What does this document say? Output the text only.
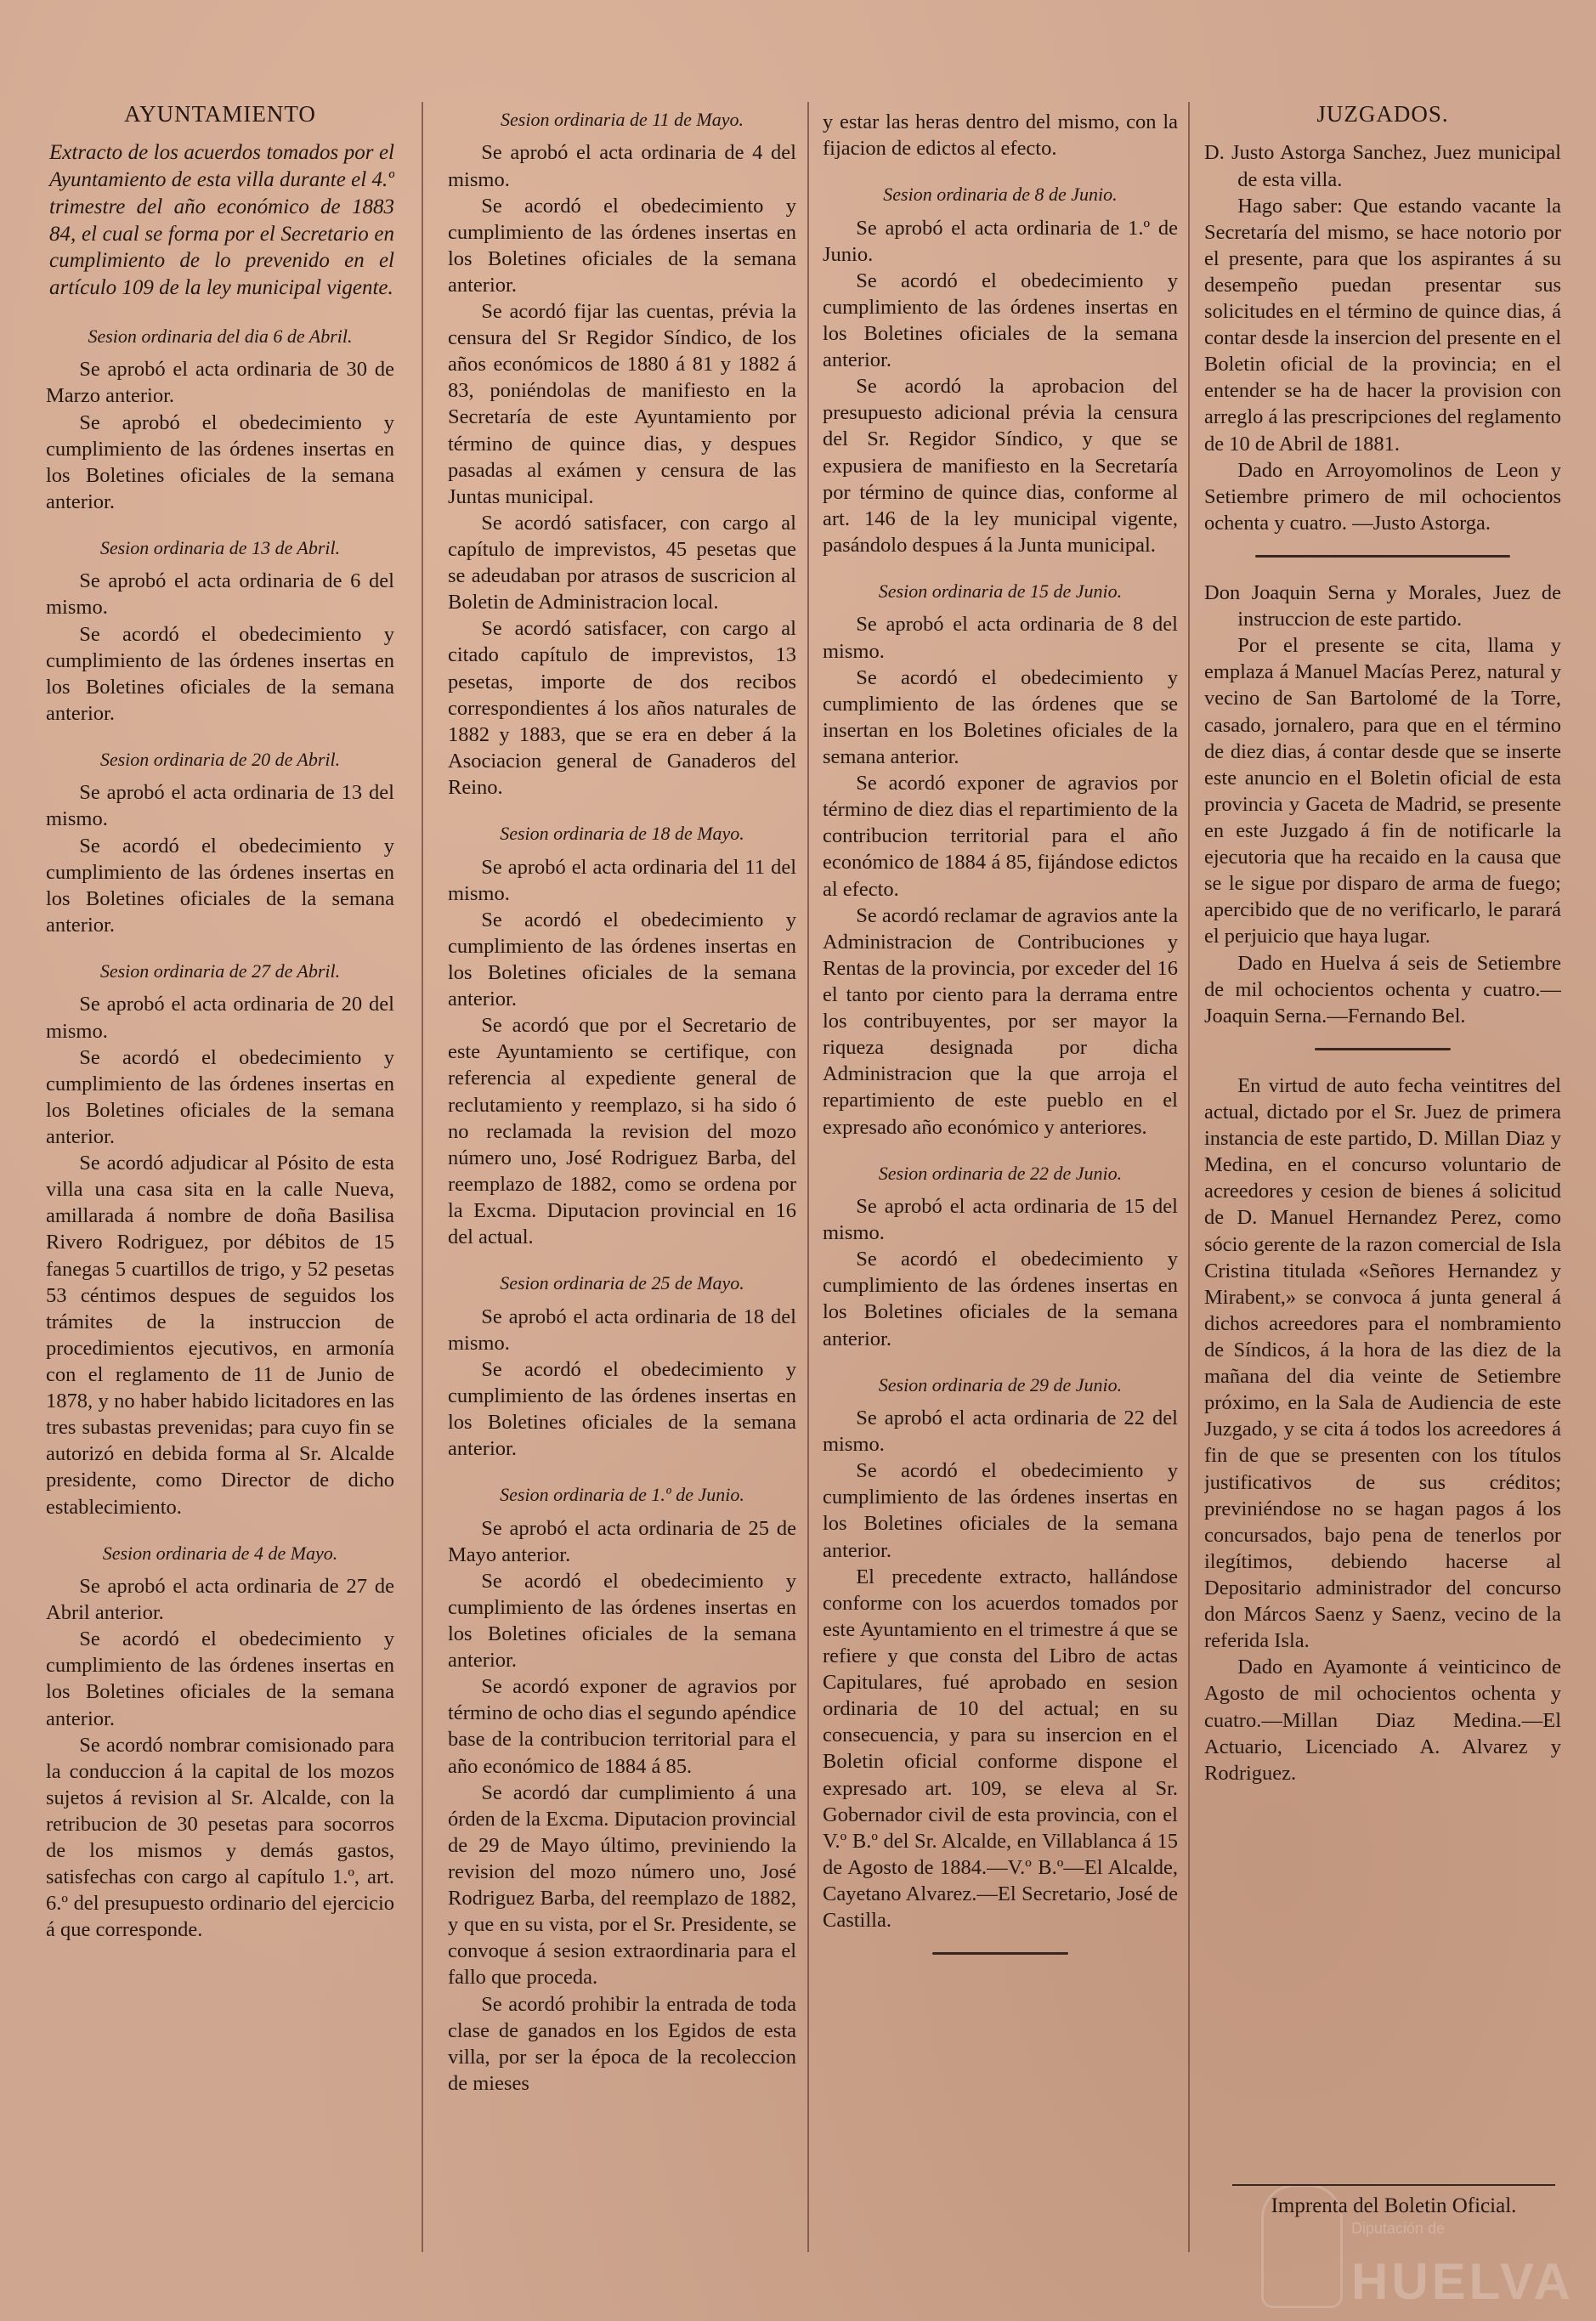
AYUNTAMIENTO
Extracto de los acuerdos tomados por el Ayuntamiento de esta villa durante el 4.º trimestre del año económico de 1883 84, el cual se forma por el Secretario en cumplimiento de lo prevenido en el artículo 109 de la ley municipal vigente.
Sesion ordinaria del dia 6 de Abril.

Se aprobó el acta ordinaria de 30 de Marzo anterior.

Se aprobó el obedecimiento y cumplimiento de las órdenes insertas en los Boletines oficiales de la semana anterior.

Sesion ordinaria de 13 de Abril.

Se aprobó el acta ordinaria de 6 del mismo.

Se acordó el obedecimiento y cumplimiento de las órdenes insertas en los Boletines oficiales de la semana anterior.

Sesion ordinaria de 20 de Abril.

Se aprobó el acta ordinaria de 13 del mismo.

Se acordó el obedecimiento y cumplimiento de las órdenes insertas en los Boletines oficiales de la semana anterior.

Sesion ordinaria de 27 de Abril.

Se aprobó el acta ordinaria de 20 del mismo.

Se acordó el obedecimiento y cumplimiento de las órdenes insertas en los Boletines oficiales de la semana anterior.

Se acordó adjudicar al Pósito de esta villa una casa sita en la calle Nueva, amillarada á nombre de doña Basilisa Rivero Rodriguez, por débitos de 15 fanegas 5 cuartillos de trigo, y 52 pesetas 53 céntimos despues de seguidos los trámites de la instruccion de procedimientos ejecutivos, en armonía con el reglamento de 11 de Junio de 1878, y no haber habido licitadores en las tres subastas prevenidas; para cuyo fin se autorizó en debida forma al Sr. Alcalde presidente, como Director de dicho establecimiento.

Sesion ordinaria de 4 de Mayo.

Se aprobó el acta ordinaria de 27 de Abril anterior.

Se acordó el obedecimiento y cumplimiento de las órdenes insertas en los Boletines oficiales de la semana anterior.

Se acordó nombrar comisionado para la conduccion á la capital de los mozos sujetos á revision al Sr. Alcalde, con la retribucion de 30 pesetas para socorros de los mismos y demás gastos, satisfechas con cargo al capítulo 1.º, art. 6.º del presupuesto ordinario del ejercicio á que corresponde.

Sesion ordinaria de 11 de Mayo.

Se aprobó el acta ordinaria de 4 del mismo.

Se acordó el obedecimiento y cumplimiento de las órdenes insertas en los Boletines oficiales de la semana anterior.

Se acordó fijar las cuentas, prévia la censura del Sr Regidor Síndico, de los años económicos de 1880 á 81 y 1882 á 83, poniéndolas de manifiesto en la Secretaría de este Ayuntamiento por término de quince dias, y despues pasadas al exámen y censura de las Juntas municipal.

Se acordó satisfacer, con cargo al capítulo de imprevistos, 45 pesetas que se adeudaban por atrasos de suscricion al Boletin de Administracion local.

Se acordó satisfacer, con cargo al citado capítulo de imprevistos, 13 pesetas, importe de dos recibos correspondientes á los años naturales de 1882 y 1883, que se era en deber á la Asociacion general de Ganaderos del Reino.

Sesion ordinaria de 18 de Mayo.

Se aprobó el acta ordinaria del 11 del mismo.

Se acordó el obedecimiento y cumplimiento de las órdenes insertas en los Boletines oficiales de la semana anterior.

Se acordó que por el Secretario de este Ayuntamiento se certifique, con referencia al expediente general de reclutamiento y reemplazo, si ha sido ó no reclamada la revision del mozo número uno, José Rodriguez Barba, del reemplazo de 1882, como se ordena por la Excma. Diputacion provincial en 16 del actual.

Sesion ordinaria de 25 de Mayo.

Se aprobó el acta ordinaria de 18 del mismo.

Se acordó el obedecimiento y cumplimiento de las órdenes insertas en los Boletines oficiales de la semana anterior.

Sesion ordinaria de 1.º de Junio.

Se aprobó el acta ordinaria de 25 de Mayo anterior.

Se acordó el obedecimiento y cumplimiento de las órdenes insertas en los Boletines oficiales de la semana anterior.

Se acordó exponer de agravios por término de ocho dias el segundo apéndice base de la contribucion territorial para el año económico de 1884 á 85.

Se acordó dar cumplimiento á una órden de la Excma. Diputacion provincial de 29 de Mayo último, previniendo la revision del mozo número uno, José Rodriguez Barba, del reemplazo de 1882, y que en su vista, por el Sr. Presidente, se convoque á sesion extraordinaria para el fallo que proceda.

Se acordó prohibir la entrada de toda clase de ganados en los Egidos de esta villa, por ser la época de la recoleccion de mieses

y estar las heras dentro del mismo, con la fijacion de edictos al efecto.

Sesion ordinaria de 8 de Junio.

Se aprobó el acta ordinaria de 1.º de Junio.

Se acordó el obedecimiento y cumplimiento de las órdenes insertas en los Boletines oficiales de la semana anterior.

Se acordó la aprobacion del presupuesto adicional prévia la censura del Sr. Regidor Síndico, y que se expusiera de manifiesto en la Secretaría por término de quince dias, conforme al art. 146 de la ley municipal vigente, pasándolo despues á la Junta municipal.

Sesion ordinaria de 15 de Junio.

Se aprobó el acta ordinaria de 8 del mismo.

Se acordó el obedecimiento y cumplimiento de las órdenes que se insertan en los Boletines oficiales de la semana anterior.

Se acordó exponer de agravios por término de diez dias el repartimiento de la contribucion territorial para el año económico de 1884 á 85, fijándose edictos al efecto.

Se acordó reclamar de agravios ante la Administracion de Contribuciones y Rentas de la provincia, por exceder del 16 el tanto por ciento para la derrama entre los contribuyentes, por ser mayor la riqueza designada por dicha Administracion que la que arroja el repartimiento de este pueblo en el expresado año económico y anteriores.

Sesion ordinaria de 22 de Junio.

Se aprobó el acta ordinaria de 15 del mismo.

Se acordó el obedecimiento y cumplimiento de las órdenes insertas en los Boletines oficiales de la semana anterior.

Sesion ordinaria de 29 de Junio.

Se aprobó el acta ordinaria de 22 del mismo.

Se acordó el obedecimiento y cumplimiento de las órdenes insertas en los Boletines oficiales de la semana anterior.

El precedente extracto, hallándose conforme con los acuerdos tomados por este Ayuntamiento en el trimestre á que se refiere y que consta del Libro de actas Capitulares, fué aprobado en sesion ordinaria de 10 del actual; en su consecuencia, y para su insercion en el Boletin oficial conforme dispone el expresado art. 109, se eleva al Sr. Gobernador civil de esta provincia, con el V.º B.º del Sr. Alcalde, en Villablanca á 15 de Agosto de 1884.—V.º B.º—El Alcalde, Cayetano Alvarez.—El Secretario, José de Castilla.

JUZGADOS.

D. Justo Astorga Sanchez, Juez municipal de esta villa.

Hago saber: Que estando vacante la Secretaría del mismo, se hace notorio por el presente, para que los aspirantes á su desempeño puedan presentar sus solicitudes en el término de quince dias, á contar desde la insercion del presente en el Boletin oficial de la provincia; en el entender se ha de hacer la provision con arreglo á las prescripciones del reglamento de 10 de Abril de 1881.

Dado en Arroyomolinos de Leon y Setiembre primero de mil ochocientos ochenta y cuatro. —Justo Astorga.

Don Joaquin Serna y Morales, Juez de instruccion de este partido.

Por el presente se cita, llama y emplaza á Manuel Macías Perez, natural y vecino de San Bartolomé de la Torre, casado, jornalero, para que en el término de diez dias, á contar desde que se inserte este anuncio en el Boletin oficial de esta provincia y Gaceta de Madrid, se presente en este Juzgado á fin de notificarle la ejecutoria que ha recaido en la causa que se le sigue por disparo de arma de fuego; apercibido que de no verificarlo, le parará el perjuicio que haya lugar.

Dado en Huelva á seis de Setiembre de mil ochocientos ochenta y cuatro.—Joaquin Serna.—Fernando Bel.

En virtud de auto fecha veintitres del actual, dictado por el Sr. Juez de primera instancia de este partido, D. Millan Diaz y Medina, en el concurso voluntario de acreedores y cesion de bienes á solicitud de D. Manuel Hernandez Perez, como sócio gerente de la razon comercial de Isla Cristina titulada «Señores Hernandez y Mirabent,» se convoca á junta general á dichos acreedores para el nombramiento de Síndicos, á la hora de las diez de la mañana del dia veinte de Setiembre próximo, en la Sala de Audiencia de este Juzgado, y se cita á todos los acreedores á fin de que se presenten con los títulos justificativos de sus créditos; previniéndose no se hagan pagos á los concursados, bajo pena de tenerlos por ilegítimos, debiendo hacerse al Depositario administrador del concurso don Márcos Saenz y Saenz, vecino de la referida Isla.

Dado en Ayamonte á veinticinco de Agosto de mil ochocientos ochenta y cuatro.—Millan Diaz Medina.—El Actuario, Licenciado A. Alvarez y Rodriguez.

Diputación de
HUELVA
Imprenta del Boletin Oficial.
